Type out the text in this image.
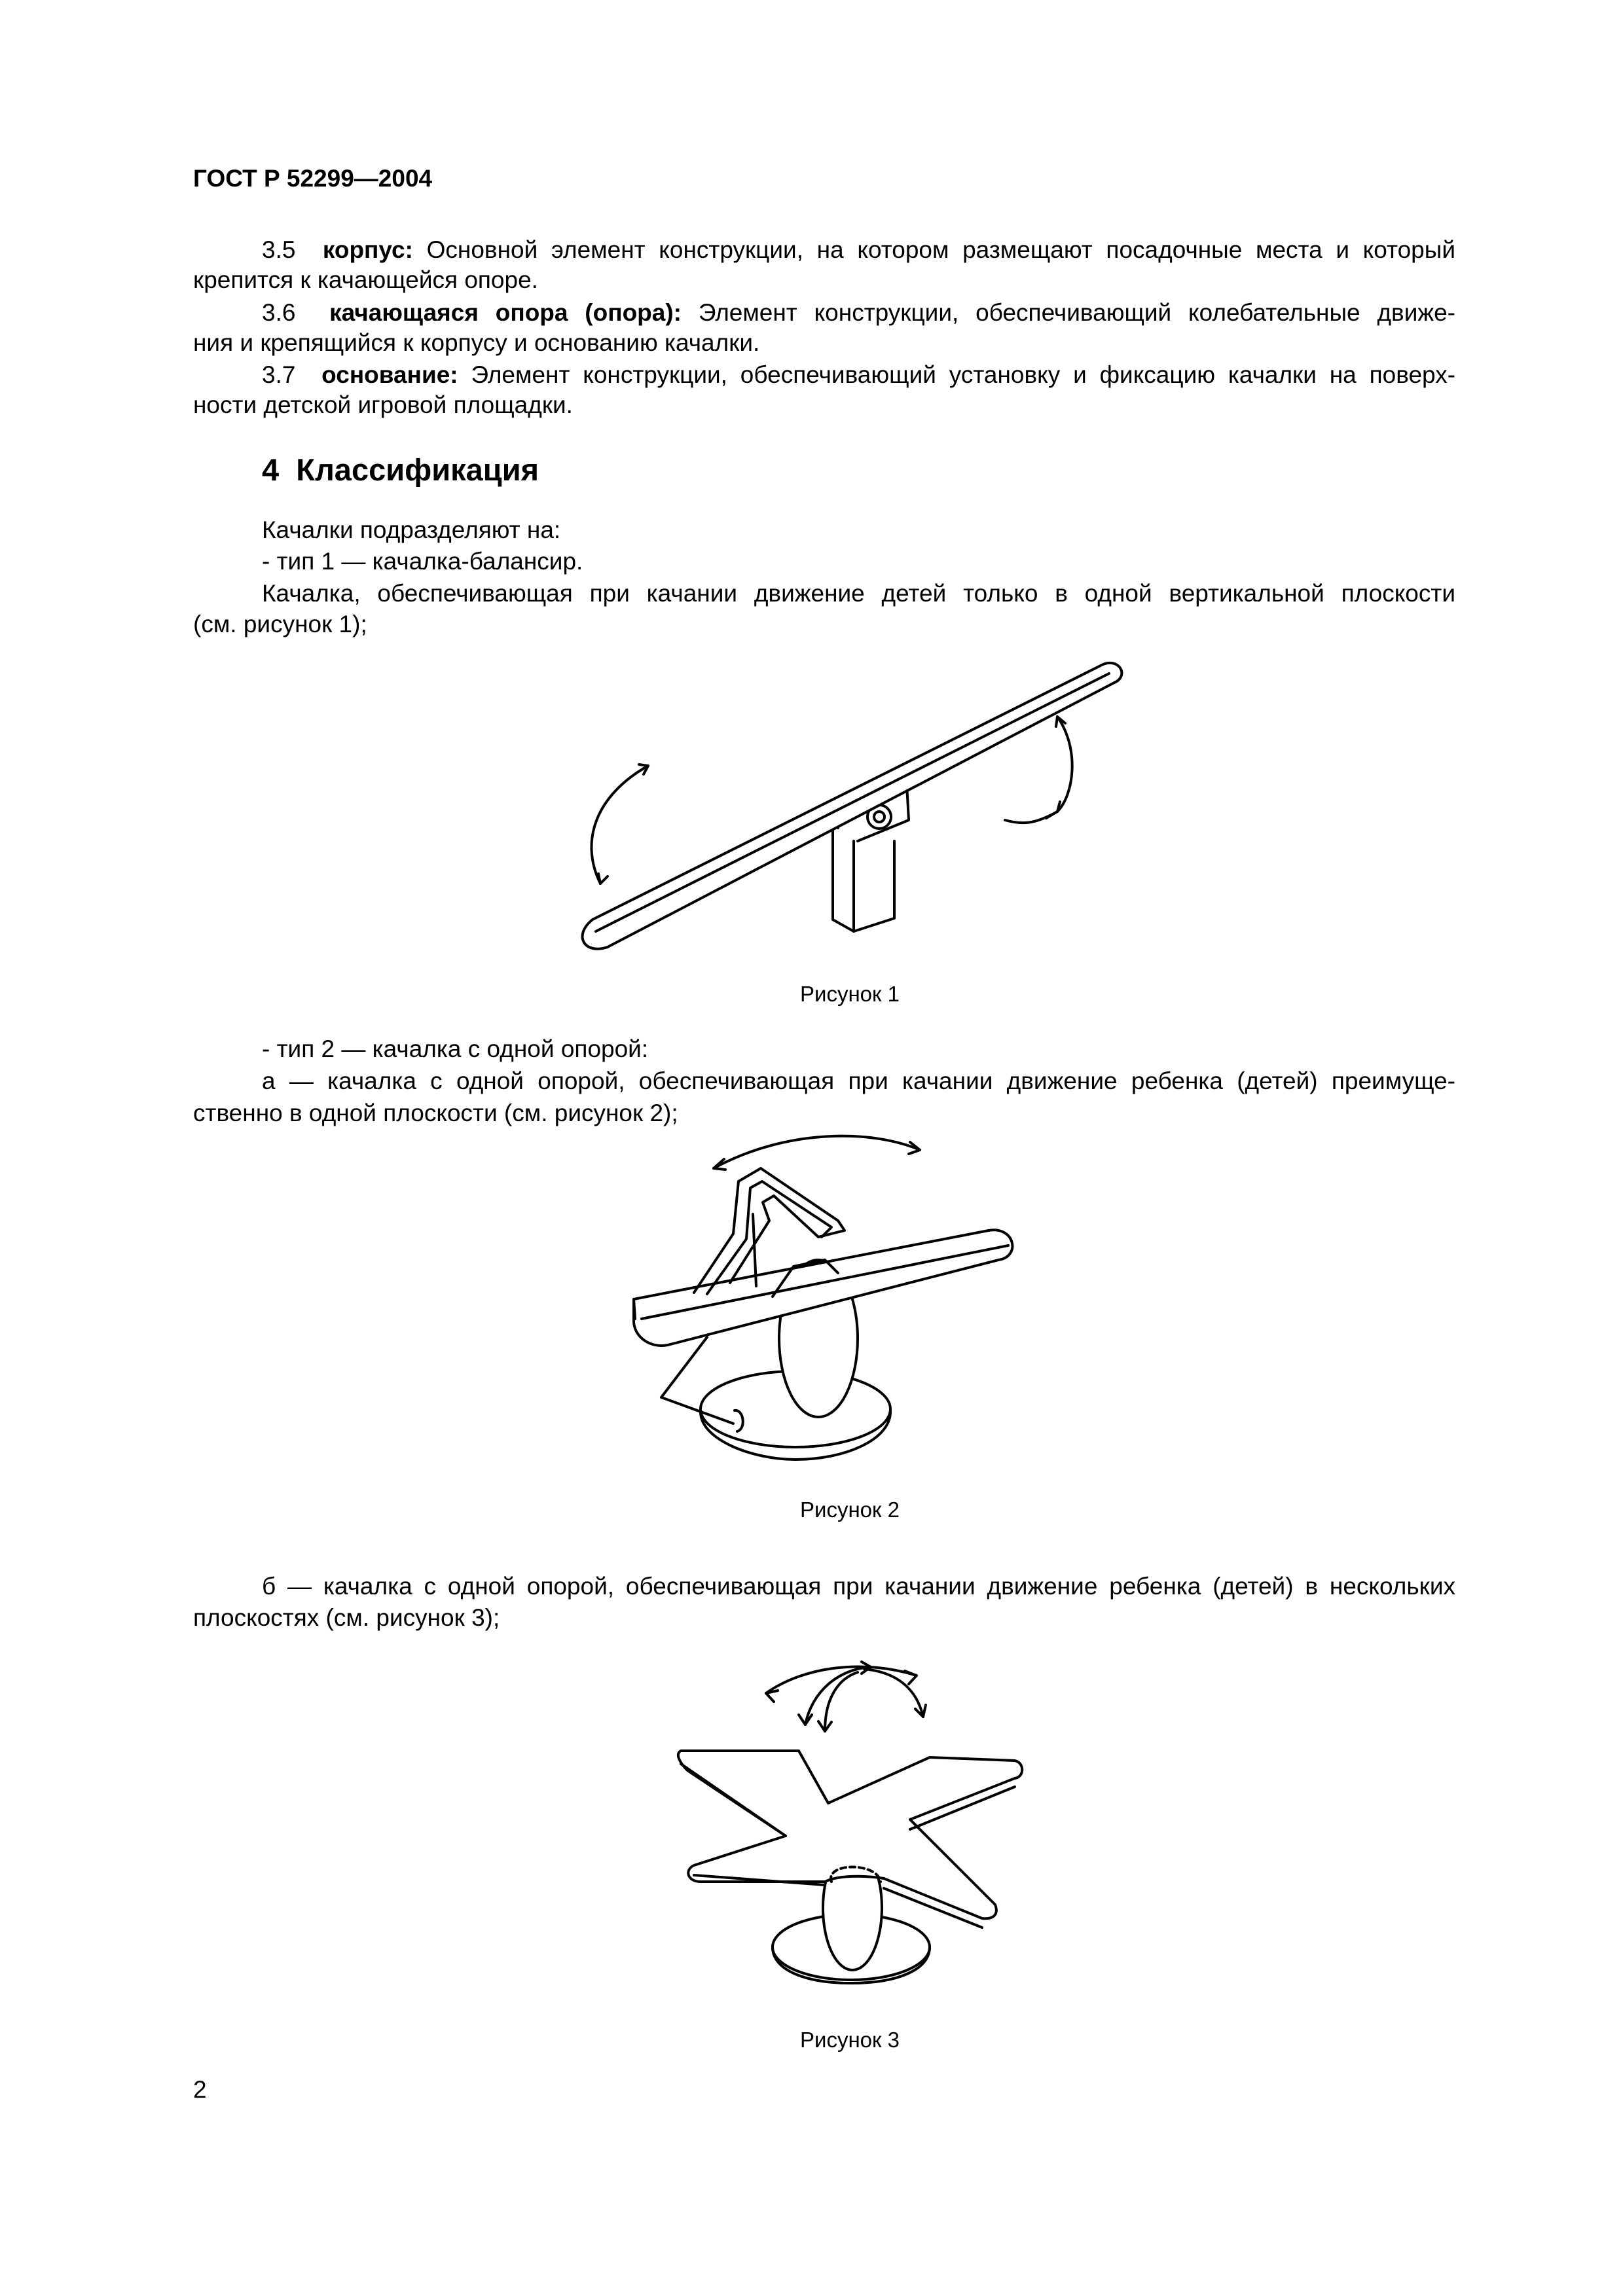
ГОСТ Р 52299—2004
3.5 корпус: Основной элемент конструкции, на котором размещают посадочные места и который
крепится к качающейся опоре.
3.6 качающаяся опора (опора): Элемент конструкции, обеспечивающий колебательные движе-
ния и крепящийся к корпусу и основанию качалки.
3.7 основание: Элемент конструкции, обеспечивающий установку и фиксацию качалки на поверх-
ности детской игровой площадки.
4 Классификация
Качалки подразделяют на:
- тип 1 — качалка-балансир.
Качалка, обеспечивающая при качании движение детей только в одной вертикальной плоскости
(см. рисунок 1);
Рисунок 1
- тип 2 — качалка с одной опорой:
а — качалка с одной опорой, обеспечивающая при качании движение ребенка (детей) преимуще-
ственно в одной плоскости (см. рисунок 2);
Рисунок 2
б — качалка с одной опорой, обеспечивающая при качании движение ребенка (детей) в нескольких
плоскостях (см. рисунок 3);
Рисунок 3
2
